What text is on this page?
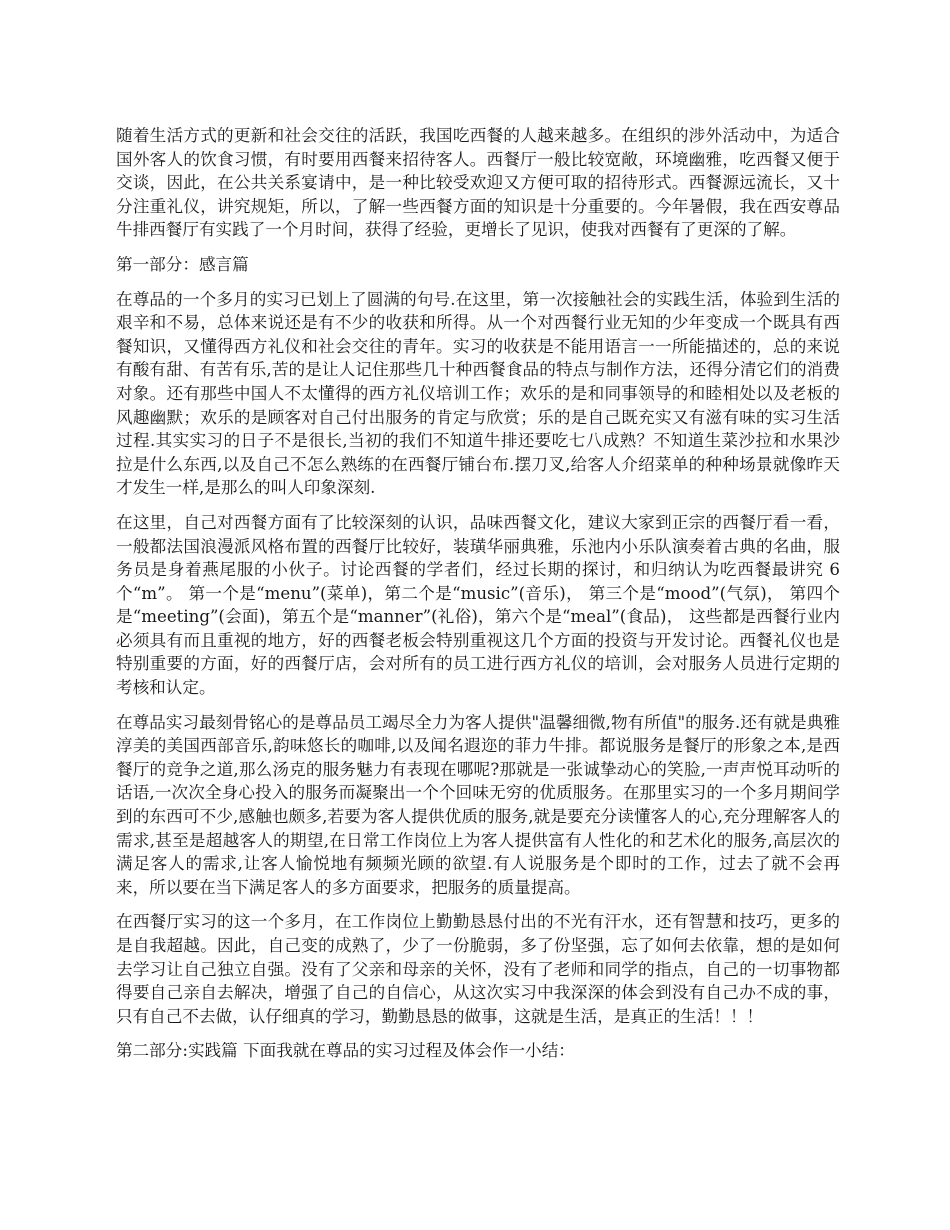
随着生活方式的更新和社会交往的活跃，我国吃西餐的人越来越多。在组织的涉外活动中，为适合国外客人的饮食习惯，有时要用西餐来招待客人。西餐厅一般比较宽敞，环境幽雅，吃西餐又便于交谈，因此，在公共关系宴请中，是一种比较受欢迎又方便可取的招待形式。西餐源远流长，又十分注重礼仪，讲究规矩，所以，了解一些西餐方面的知识是十分重要的。今年暑假，我在西安尊品牛排西餐厅有实践了一个月时间，获得了经验，更增长了见识，使我对西餐有了更深的了解。

第一部分：感言篇

在尊品的一个多月的实习已划上了圆满的句号.在这里，第一次接触社会的实践生活，体验到生活的艰辛和不易，总体来说还是有不少的收获和所得。从一个对西餐行业无知的少年变成一个既具有西餐知识，又懂得西方礼仪和社会交往的青年。实习的收获是不能用语言一一所能描述的，总的来说有酸有甜、有苦有乐,苦的是让人记住那些几十种西餐食品的特点与制作方法，还得分清它们的消费对象。还有那些中国人不太懂得的西方礼仪培训工作；欢乐的是和同事领导的和睦相处以及老板的风趣幽默；欢乐的是顾客对自己付出服务的肯定与欣赏；乐的是自己既充实又有滋有味的实习生活过程.其实实习的日子不是很长,当初的我们不知道牛排还要吃七八成熟？不知道生菜沙拉和水果沙拉是什么东西,以及自己不怎么熟练的在西餐厅铺台布.摆刀叉,给客人介绍菜单的种种场景就像昨天才发生一样,是那么的叫人印象深刻.

在这里，自己对西餐方面有了比较深刻的认识，品味西餐文化，建议大家到正宗的西餐厅看一看，一般都法国浪漫派风格布置的西餐厅比较好，装璜华丽典雅，乐池内小乐队演奏着古典的名曲，服务员是身着燕尾服的小伙子。讨论西餐的学者们，经过长期的探讨，和归纳认为吃西餐最讲究 6 个“m”。 第一个是“menu”(菜单)，第二个是“music”(音乐)， 第三个是“mood”(气氛)， 第四个是“meeting”(会面)，第五个是“manner”(礼俗)，第六个是“meal”(食品)， 这些都是西餐行业内必须具有而且重视的地方，好的西餐老板会特别重视这几个方面的投资与开发讨论。西餐礼仪也是特别重要的方面，好的西餐厅店，会对所有的员工进行西方礼仪的培训，会对服务人员进行定期的考核和认定。

在尊品实习最刻骨铭心的是尊品员工竭尽全力为客人提供"温馨细微,物有所值"的服务.还有就是典雅淳美的美国西部音乐,韵味悠长的咖啡,以及闻名遐迩的菲力牛排。都说服务是餐厅的形象之本,是西餐厅的竞争之道,那么汤克的服务魅力有表现在哪呢?那就是一张诚挚动心的笑脸,一声声悦耳动听的话语,一次次全身心投入的服务而凝聚出一个个回味无穷的优质服务。在那里实习的一个多月期间学到的东西可不少,感触也颇多,若要为客人提供优质的服务,就是要充分读懂客人的心,充分理解客人的需求,甚至是超越客人的期望,在日常工作岗位上为客人提供富有人性化的和艺术化的服务,高层次的满足客人的需求,让客人愉悦地有频频光顾的欲望.有人说服务是个即时的工作，过去了就不会再来，所以要在当下满足客人的多方面要求，把服务的质量提高。

在西餐厅实习的这一个多月，在工作岗位上勤勤恳恳付出的不光有汗水，还有智慧和技巧，更多的是自我超越。因此，自己变的成熟了，少了一份脆弱，多了份坚强，忘了如何去依靠，想的是如何去学习让自己独立自强。没有了父亲和母亲的关怀，没有了老师和同学的指点，自己的一切事物都得要自己亲自去解决，增强了自己的自信心，从这次实习中我深深的体会到没有自己办不成的事，只有自己不去做，认仔细真的学习，勤勤恳恳的做事，这就是生活，是真正的生活！！！

第二部分:实践篇 下面我就在尊品的实习过程及体会作一小结：
